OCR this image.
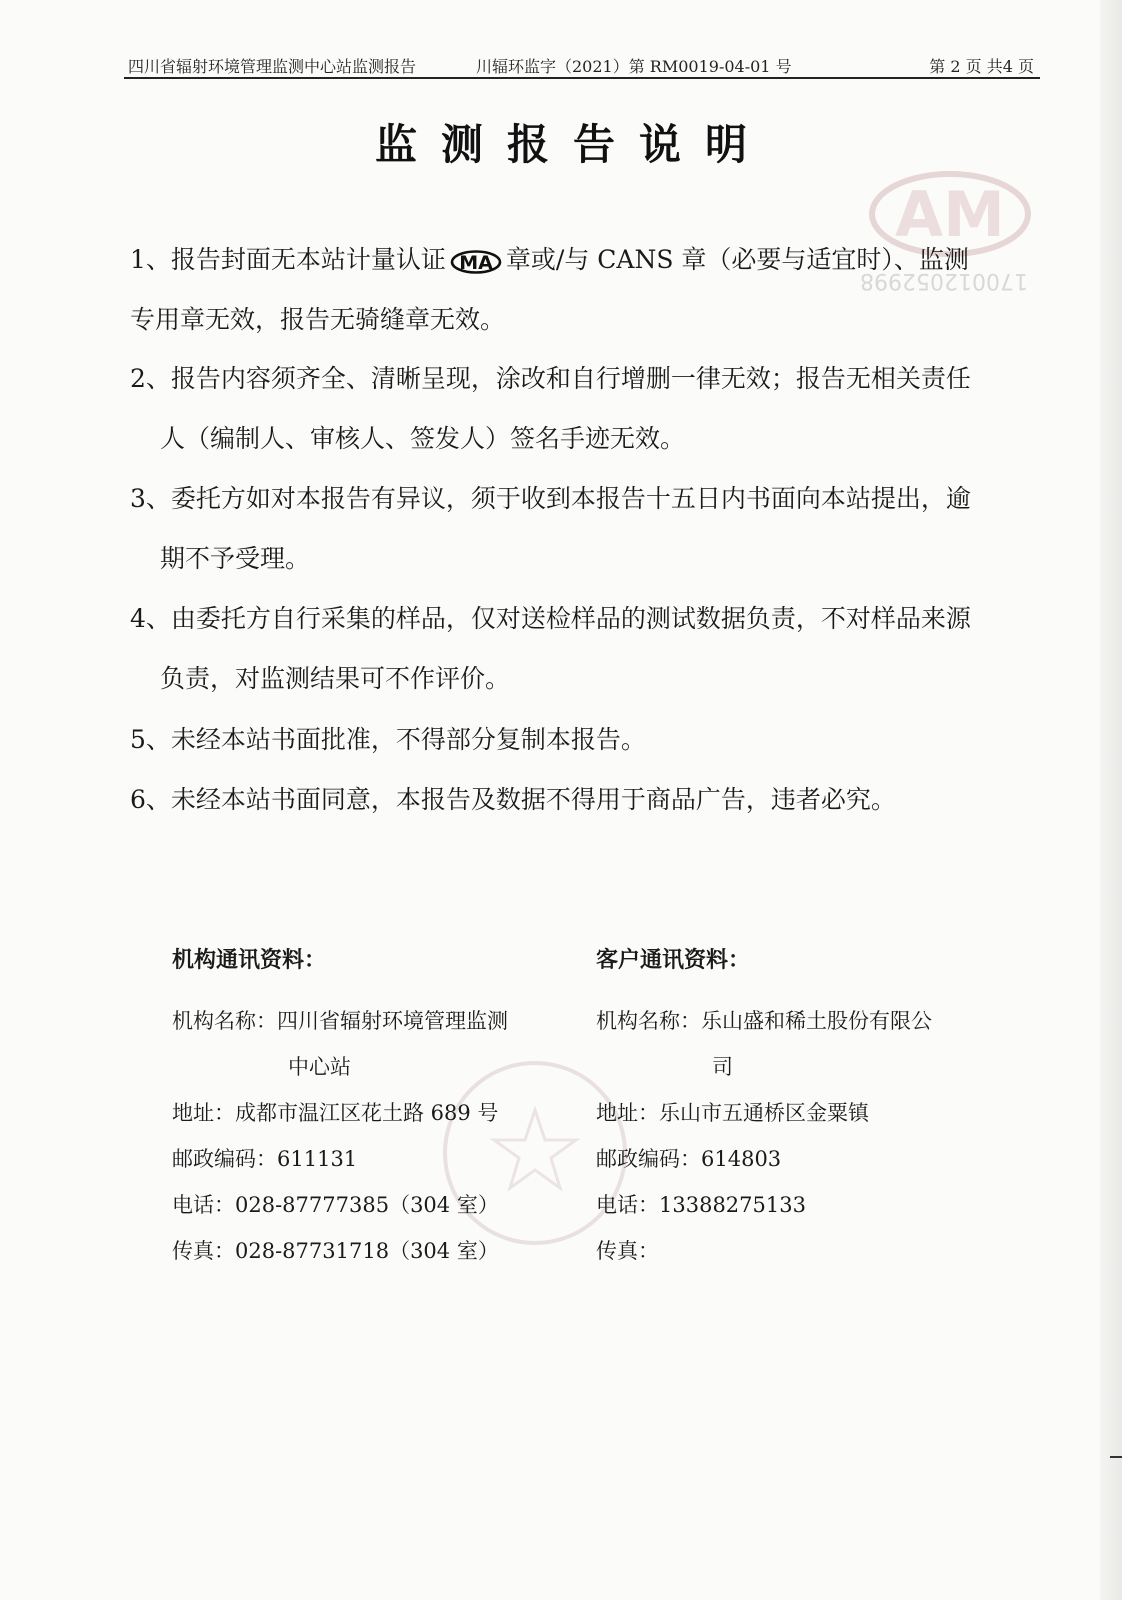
AM
170012052998
四川省辐射环境管理监测中心站监测报告	川辐环监字（2021）第 RM0019-04-01 号	第 2 页 共4 页
监测报告说明
1、报告封面无本站计量认证 MA 章或/与 CANS 章（必要与适宜时）、监测
专用章无效，报告无骑缝章无效。
2、报告内容须齐全、清晰呈现，涂改和自行增删一律无效；报告无相关责任
人（编制人、审核人、签发人）签名手迹无效。
3、委托方如对本报告有异议，须于收到本报告十五日内书面向本站提出，逾
期不予受理。
4、由委托方自行采集的样品，仅对送检样品的测试数据负责，不对样品来源
负责，对监测结果可不作评价。
5、未经本站书面批准，不得部分复制本报告。
6、未经本站书面同意，本报告及数据不得用于商品广告，违者必究。
机构通讯资料：
机构名称：四川省辐射环境管理监测
中心站
地址：成都市温江区花土路 689 号
邮政编码：611131
电话：028-87777385（304 室）
传真：028-87731718（304 室）
客户通讯资料：
机构名称：乐山盛和稀土股份有限公
司
地址：乐山市五通桥区金粟镇
邮政编码：614803
电话：13388275133
传真：
